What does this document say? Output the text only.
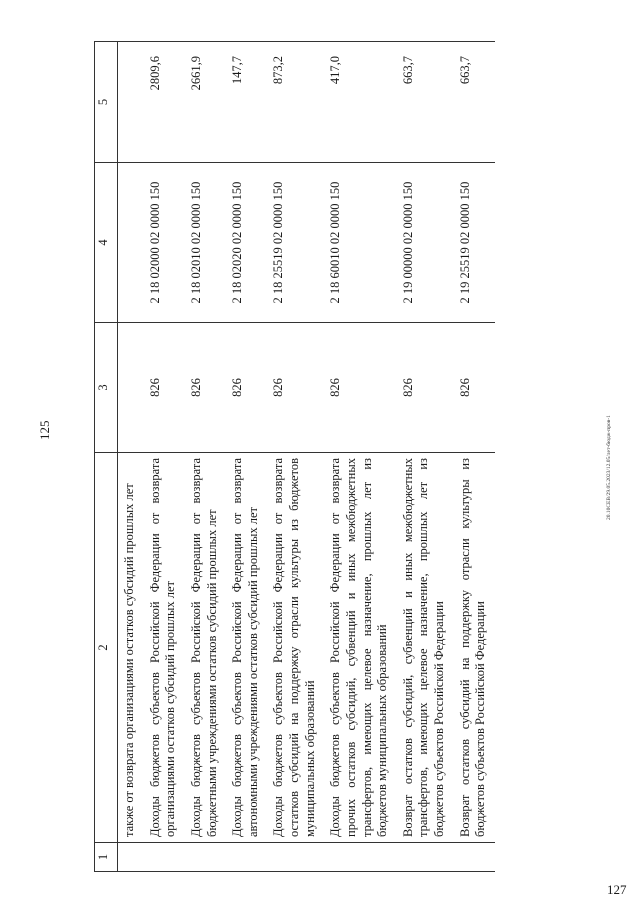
125	20.10CEB/29.05.2023/12.05/лет-бюдж-пров-1
1	2	3	4	5
	также от возврата организациями остатков субсидий прошлых лет			
	Доходы бюджетов субъектов Российской Федерации от возврата организациями остатков субсидий прошлых лет	826	2 18 02000 02 0000 150	2809,6
	Доходы бюджетов субъектов Российской Федерации от возврата бюджетными учреждениями остатков субсидий прошлых лет	826	2 18 02010 02 0000 150	2661,9
	Доходы бюджетов субъектов Российской Федерации от возврата автономными учреждениями остатков субсидий прошлых лет	826	2 18 02020 02 0000 150	147,7
	Доходы бюджетов субъектов Российской Федерации от возврата остатков субсидий на поддержку отрасли культуры из бюджетов муниципальных образований	826	2 18 25519 02 0000 150	873,2
	Доходы бюджетов субъектов Российской Федерации от возврата прочих остатков субсидий, субвенций и иных межбюджетных трансфертов, имеющих целевое назначение, прошлых лет из бюджетов муниципальных образований	826	2 18 60010 02 0000 150	417,0
	Возврат остатков субсидий, субвенций и иных межбюджетных трансфертов, имеющих целевое назначение, прошлых лет из бюджетов субъектов Российской Федерации	826	2 19 00000 02 0000 150	663,7
	Возврат остатков субсидий на поддержку отрасли культуры из бюджетов субъектов Российской Федерации	826	2 19 25519 02 0000 150	663,7
127
